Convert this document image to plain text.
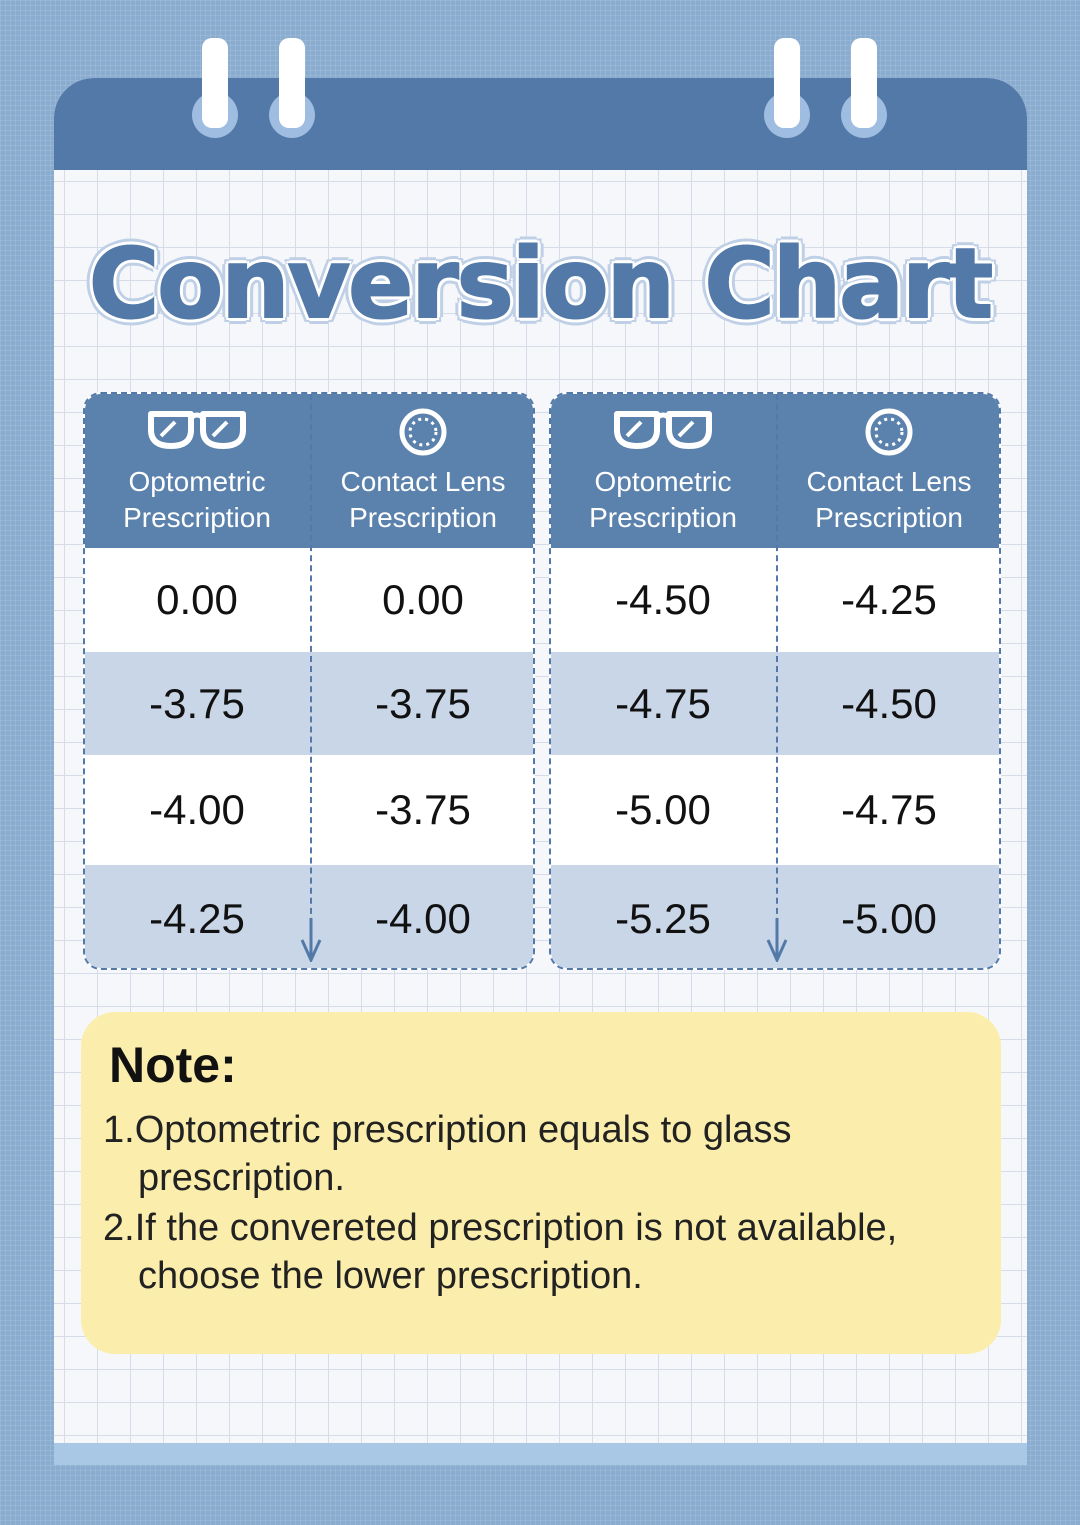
Conversion Chart
Optometric Prescription
Contact Lens Prescription
0.00	0.00
-3.75	-3.75
-4.00	-3.75
-4.25	-4.00
Optometric Prescription
Contact Lens Prescription
-4.50	-4.25
-4.75	-4.50
-5.00	-4.75
-5.25	-5.00
Note:
1.Optometric prescription equals to glass prescription.
2.If the convereted prescription is not available, choose the lower prescription.
